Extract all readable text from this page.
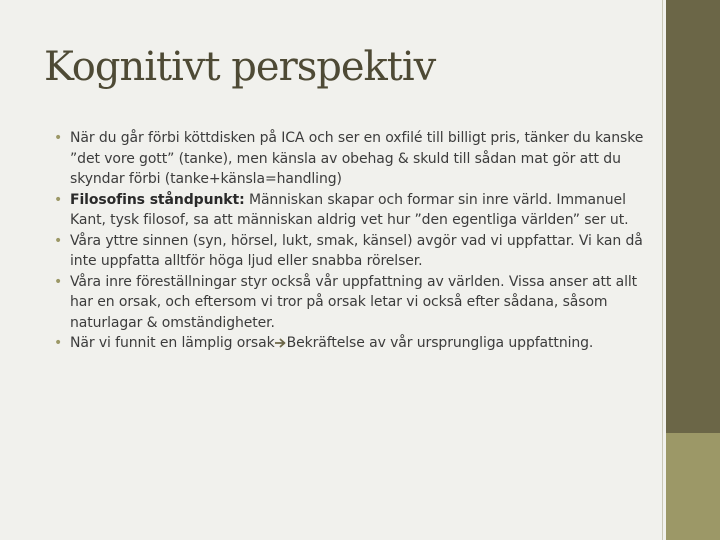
Kognitivt perspektiv
• När du går förbi köttdisken på ICA och ser en oxfilé till billigt pris, tänker du kanske ”det vore gott” (tanke), men känsla av obehag & skuld till sådan mat gör att du skyndar förbi (tanke+känsla=handling)
• Filosofins ståndpunkt: Människan skapar och formar sin inre värld. Immanuel Kant, tysk filosof, sa att människan aldrig vet hur ”den egentliga världen” ser ut.
• Våra yttre sinnen (syn, hörsel, lukt, smak, känsel) avgör vad vi uppfattar. Vi kan då inte uppfatta alltför höga ljud eller snabba rörelser.
• Våra inre föreställningar styr också vår uppfattning av världen. Vissa anser att allt har en orsak, och eftersom vi tror på orsak letar vi också efter sådana, såsom naturlagar & omständigheter.
• När vi funnit en lämplig orsak Bekräftelse av vår ursprungliga uppfattning.
